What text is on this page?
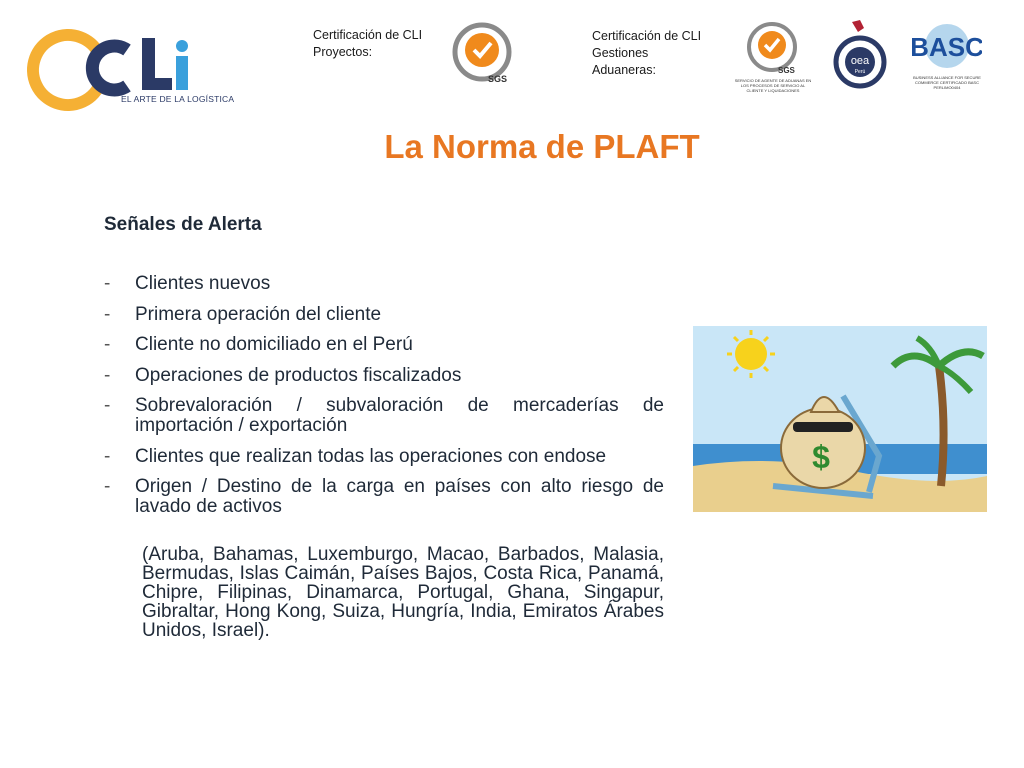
EL ARTE DE LA LOGÍSTICA
Certificación de CLI Proyectos:
Certificación de CLI Gestiones Aduaneras:
SGS
SGS
SERVICIO DE AGENTE DE ADUANAS EN LOS PROCESOS DE SERVICIO AL CLIENTE Y LIQUIDACIONES
oea
Perú
BASC
BUSINESS ALLIANCE FOR SECURE COMMERCE CERTIFICADO BASC PERLIMO0404
La Norma de PLAFT
Señales de Alerta
- Clientes nuevos
- Primera operación del cliente
- Cliente no domiciliado en el Perú
- Operaciones de productos fiscalizados
- Sobrevaloración / subvaloración de mercaderías de importación / exportación
- Clientes que realizan todas las operaciones con endose
- Origen / Destino de la carga en países con alto riesgo de lavado de activos
(Aruba, Bahamas, Luxemburgo, Macao, Barbados, Malasia, Bermudas, Islas Caimán, Países Bajos, Costa Rica, Panamá, Chipre, Filipinas, Dinamarca, Portugal, Ghana, Singapur, Gibraltar, Hong Kong, Suiza, Hungría, India, Emiratos Árabes Unidos, Israel).
$
